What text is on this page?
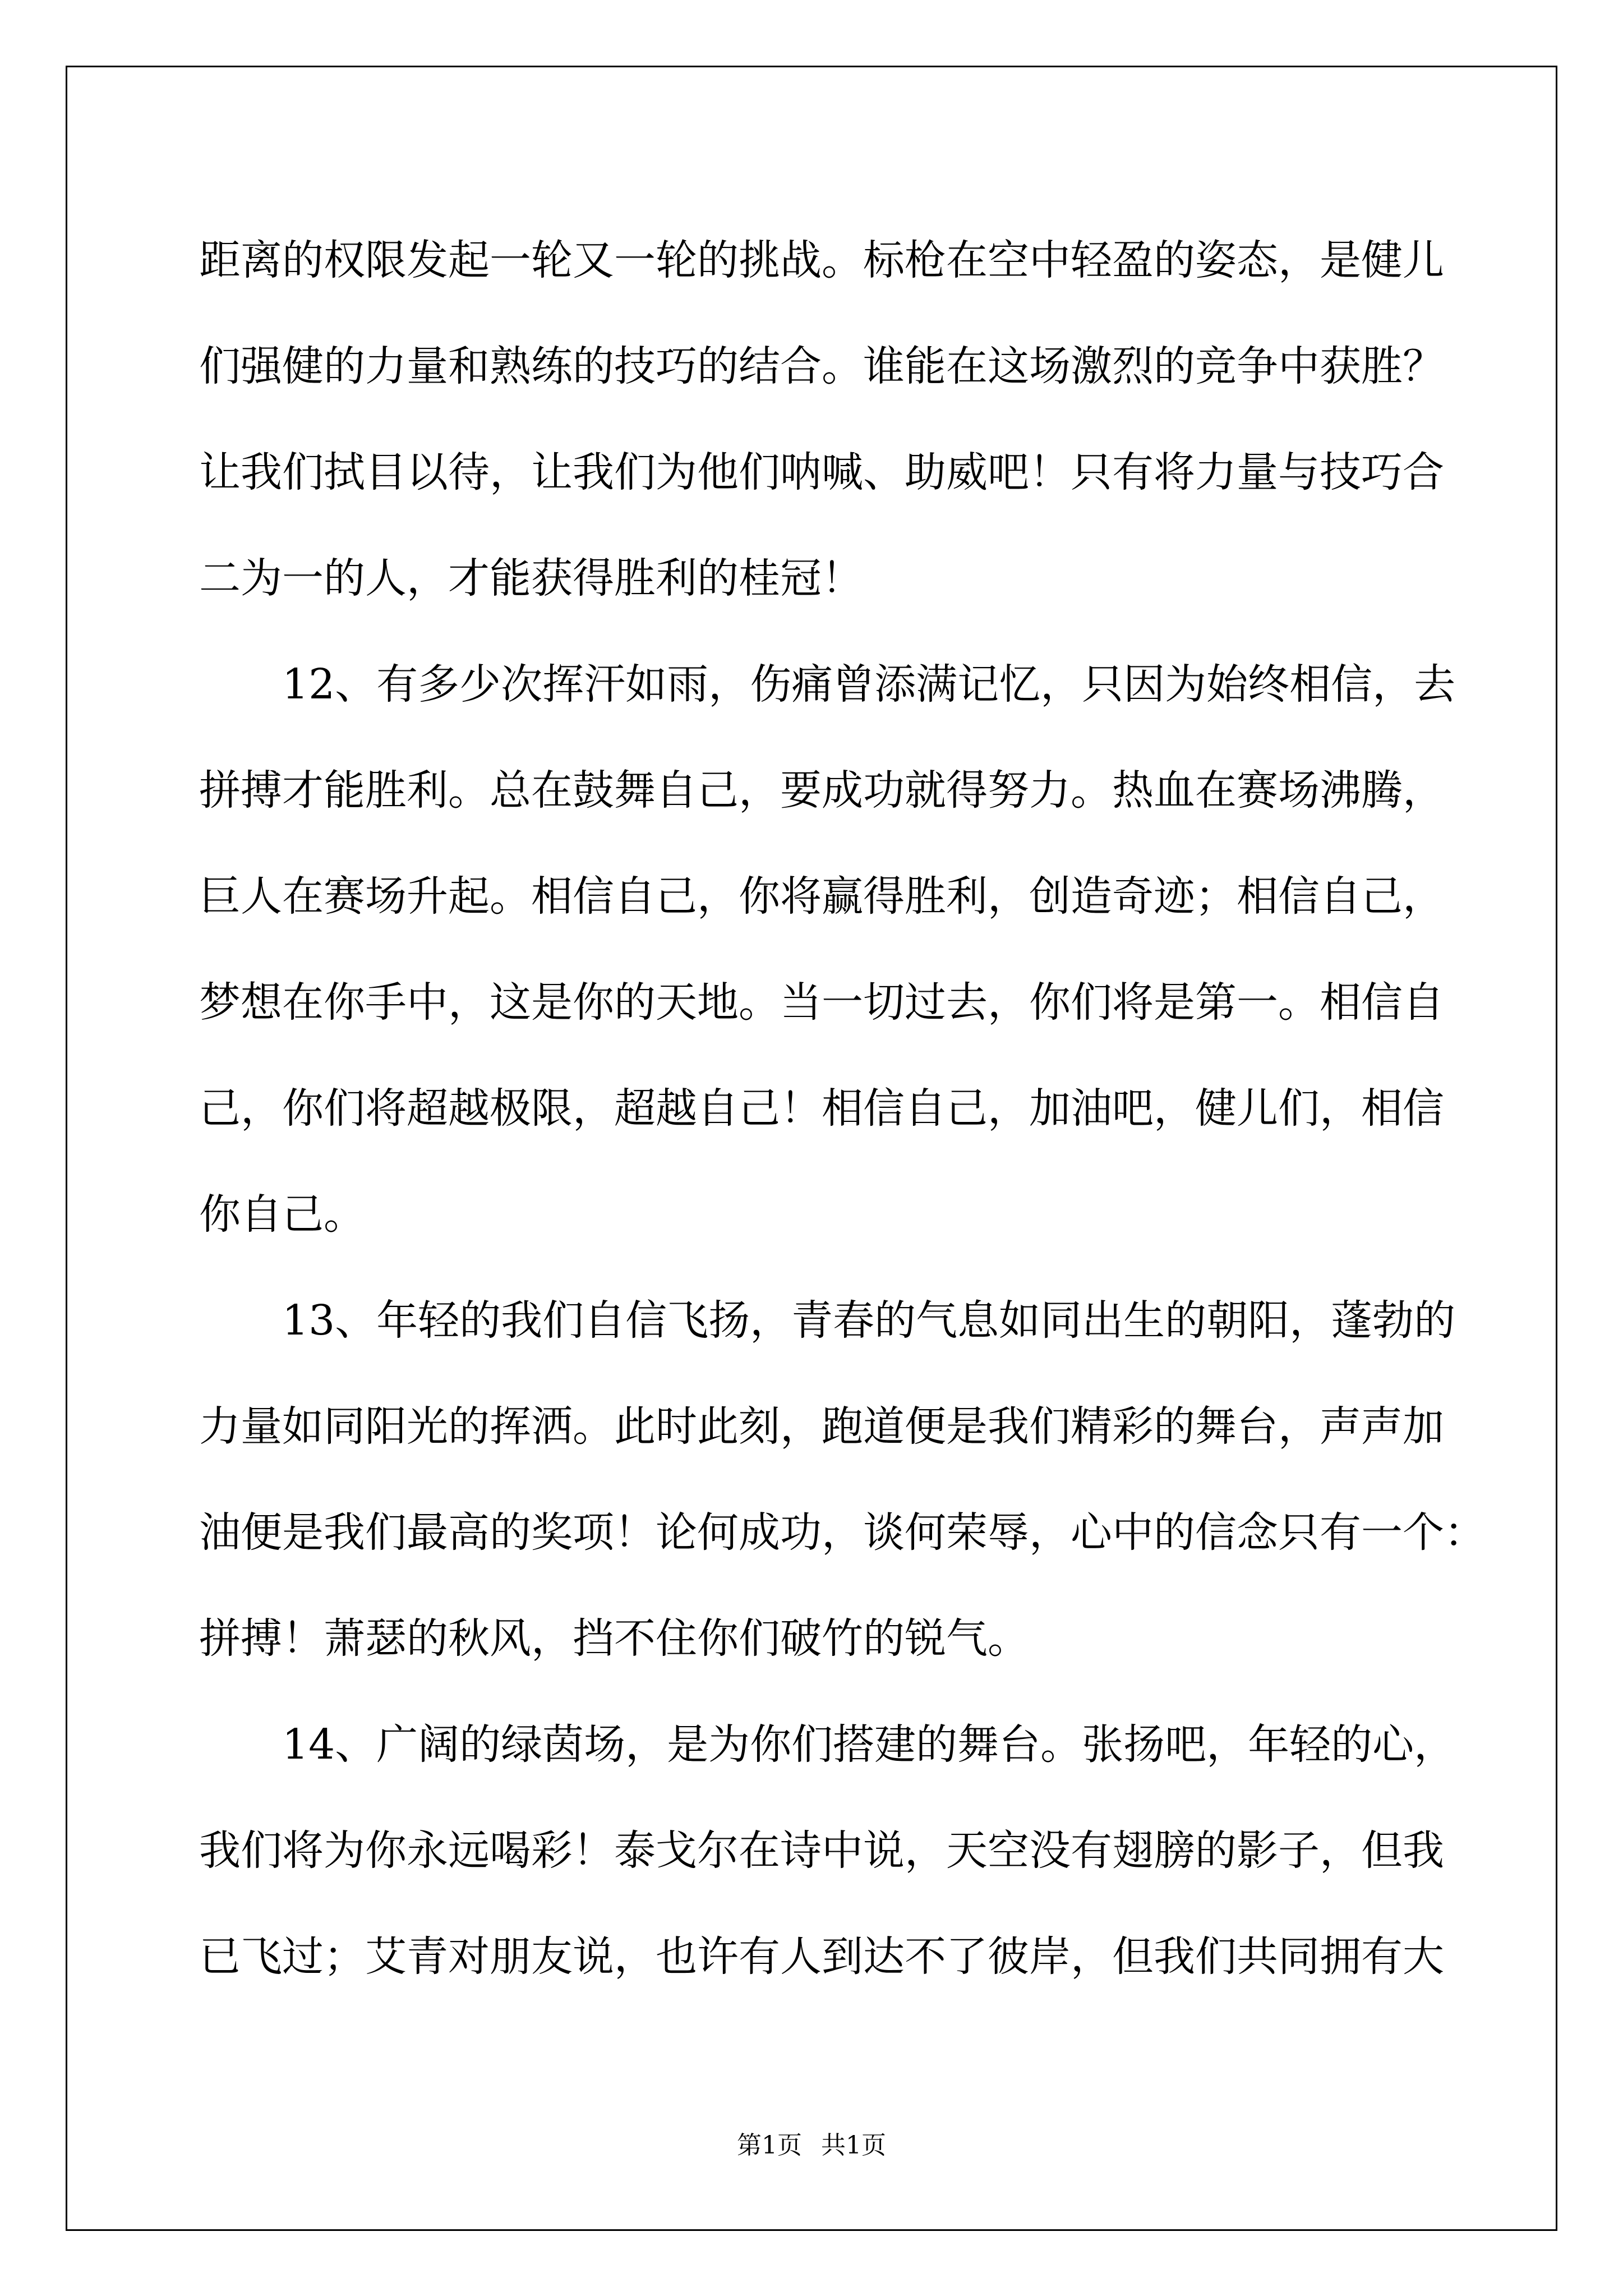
距离的权限发起一轮又一轮的挑战。标枪在空中轻盈的姿态，是健儿
们强健的力量和熟练的技巧的结合。谁能在这场激烈的竞争中获胜？
让我们拭目以待，让我们为他们呐喊、助威吧！只有将力量与技巧合
二为一的人，才能获得胜利的桂冠！
12、有多少次挥汗如雨，伤痛曾添满记忆，只因为始终相信，去
拼搏才能胜利。总在鼓舞自己，要成功就得努力。热血在赛场沸腾，
巨人在赛场升起。相信自己，你将赢得胜利，创造奇迹；相信自己，
梦想在你手中，这是你的天地。当一切过去，你们将是第一。相信自
己，你们将超越极限，超越自己！相信自己，加油吧，健儿们，相信
你自己。
13、年轻的我们自信飞扬，青春的气息如同出生的朝阳，蓬勃的
力量如同阳光的挥洒。此时此刻，跑道便是我们精彩的舞台，声声加
油便是我们最高的奖项！论何成功，谈何荣辱，心中的信念只有一个：
拼搏！萧瑟的秋风，挡不住你们破竹的锐气。
14、广阔的绿茵场，是为你们搭建的舞台。张扬吧，年轻的心，
我们将为你永远喝彩！泰戈尔在诗中说，天空没有翅膀的影子，但我
已飞过；艾青对朋友说，也许有人到达不了彼岸，但我们共同拥有大
第1页 共1页
